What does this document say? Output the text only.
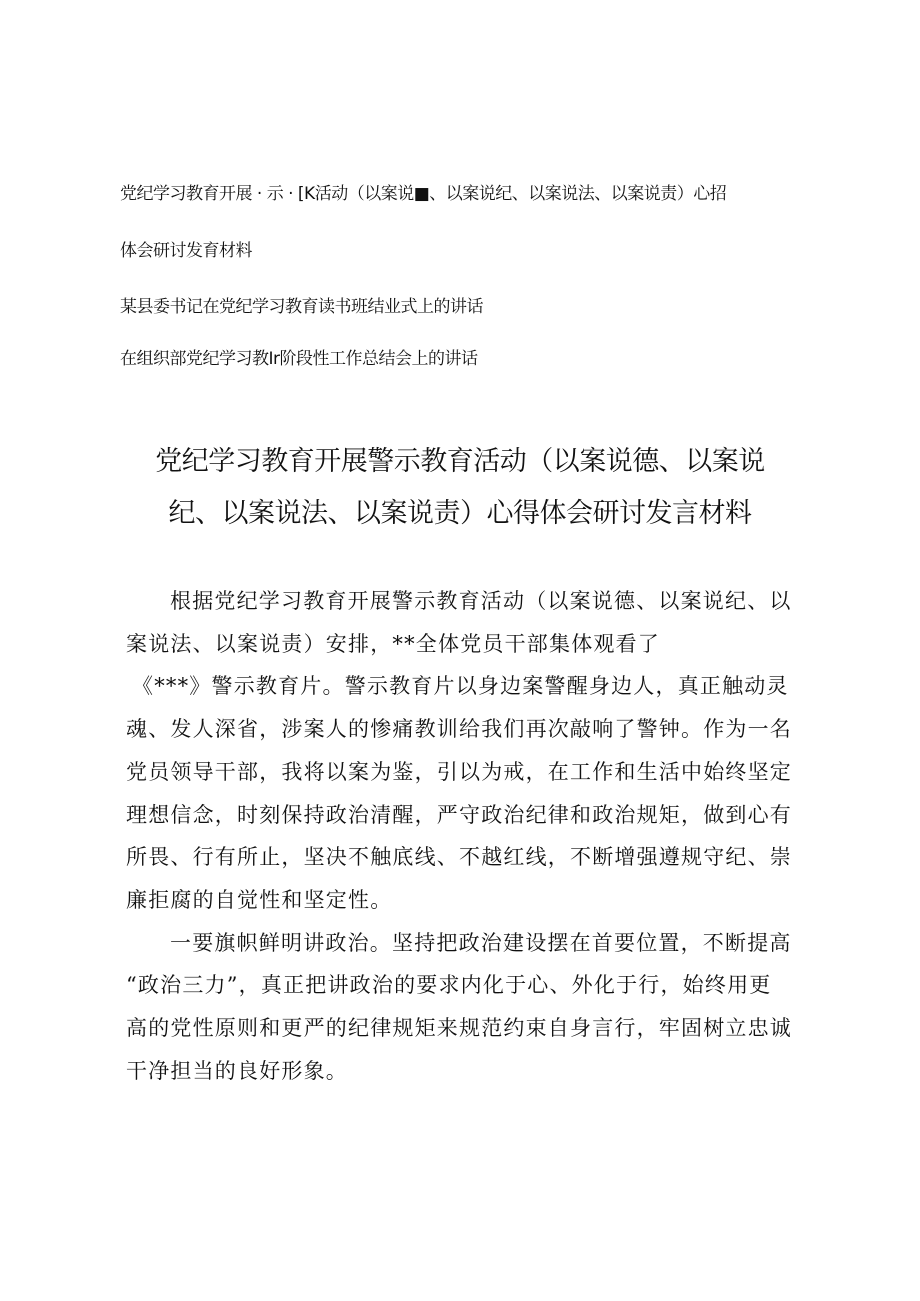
党纪学习教育开展 · 示 · [K活动（以案说■、以案说纪、以案说法、以案说责）心招
体会研讨发育材料
某县委书记在党纪学习教育读书班结业式上的讲话
在组织部党纪学习教Ir阶段性工作总结会上的讲话
党纪学习教育开展警示教育活动（以案说德、以案说
纪、以案说法、以案说责）心得体会研讨发言材料
根据党纪学习教育开展警示教育活动（以案说德、以案说纪、以
案说法、以案说责）安排，**全体党员干部集体观看了
《***》警示教育片。警示教育片以身边案警醒身边人，真正触动灵
魂、发人深省，涉案人的惨痛教训给我们再次敲响了警钟。作为一名
党员领导干部，我将以案为鉴，引以为戒，在工作和生活中始终坚定
理想信念，时刻保持政治清醒，严守政治纪律和政治规矩，做到心有
所畏、行有所止，坚决不触底线、不越红线，不断增强遵规守纪、崇
廉拒腐的自觉性和坚定性。
一要旗帜鲜明讲政治。坚持把政治建设摆在首要位置，不断提高
“政治三力”，真正把讲政治的要求内化于心、外化于行，始终用更
高的党性原则和更严的纪律规矩来规范约束自身言行，牢固树立忠诚
干净担当的良好形象。
